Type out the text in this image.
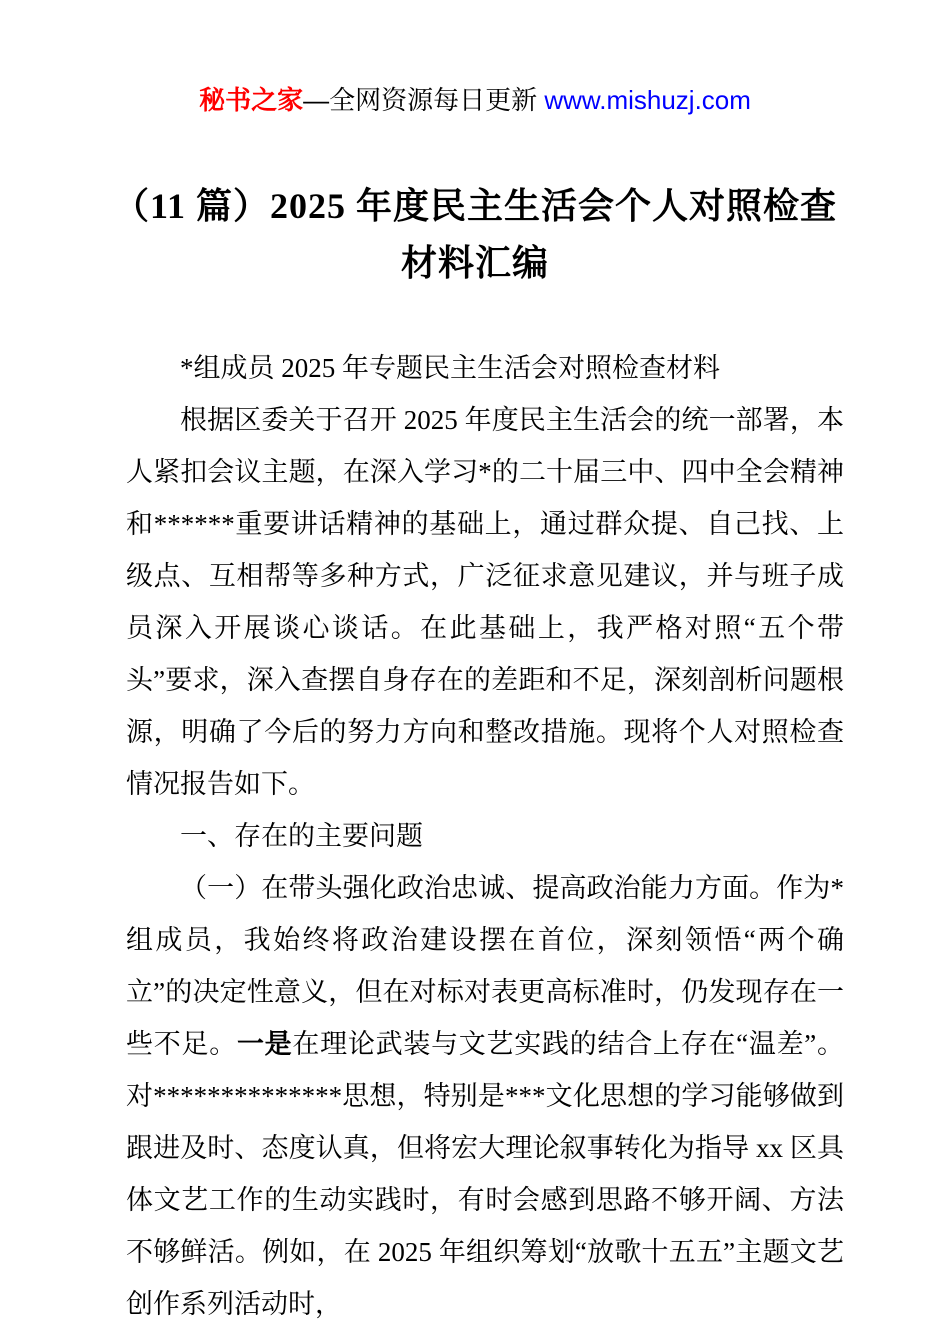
秘书之家—全网资源每日更新 www.mishuzj.com
（11 篇）2025 年度民主生活会个人对照检查
材料汇编

*组成员 2025 年专题民主生活会对照检查材料

根据区委关于召开 2025 年度民主生活会的统一部署，本人紧扣会议主题，在深入学习*的二十届三中、四中全会精神和******重要讲话精神的基础上，通过群众提、自己找、上级点、互相帮等多种方式，广泛征求意见建议，并与班子成员深入开展谈心谈话。在此基础上，我严格对照“五个带头”要求，深入查摆自身存在的差距和不足，深刻剖析问题根源，明确了今后的努力方向和整改措施。现将个人对照检查情况报告如下。

一、存在的主要问题

（一）在带头强化政治忠诚、提高政治能力方面。作为*组成员，我始终将政治建设摆在首位，深刻领悟“两个确立”的决定性意义，但在对标对表更高标准时，仍发现存在一些不足。一是在理论武装与文艺实践的结合上存在“温差”。对**************思想，特别是***文化思想的学习能够做到跟进及时、态度认真，但将宏大理论叙事转化为指导 xx 区具体文艺工作的生动实践时，有时会感到思路不够开阔、方法不够鲜活。例如，在 2025 年组织筹划“放歌十五五”主题文艺创作系列活动时，
